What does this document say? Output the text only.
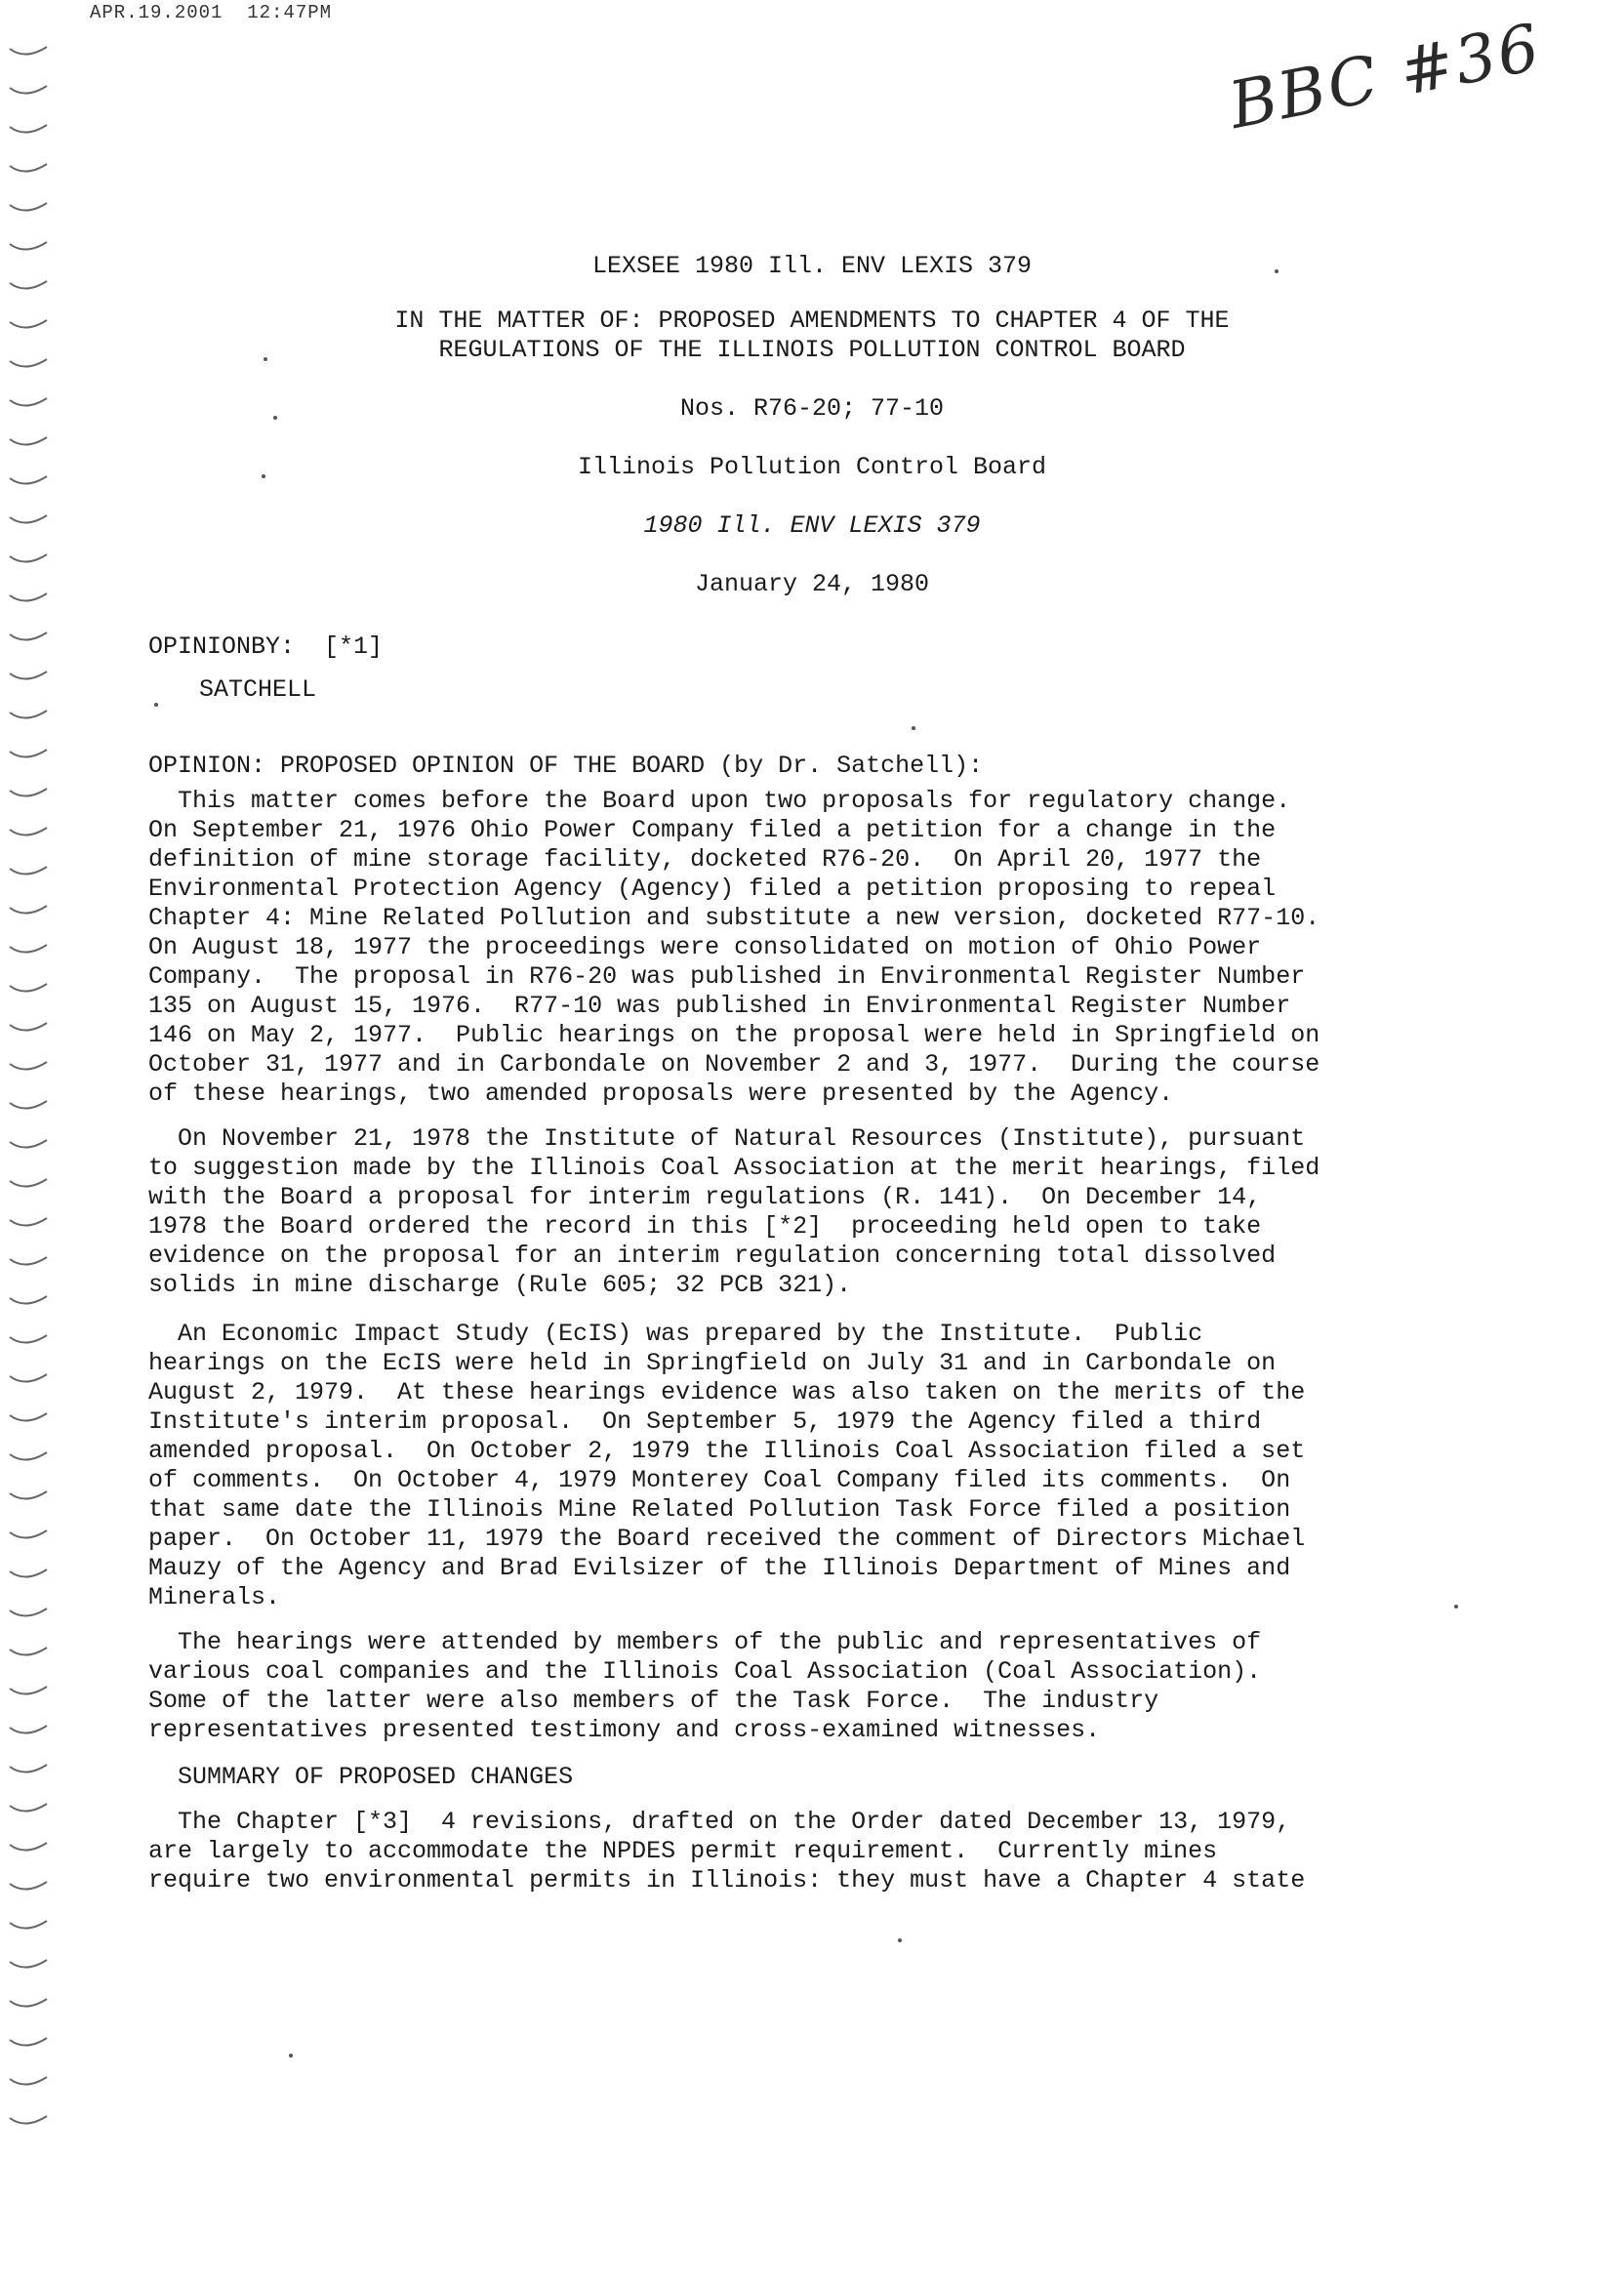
APR.19.2001  12:47PM	BBC #36
LEXSEE 1980 Ill. ENV LEXIS 379
IN THE MATTER OF: PROPOSED AMENDMENTS TO CHAPTER 4 OF THE
REGULATIONS OF THE ILLINOIS POLLUTION CONTROL BOARD
Nos. R76-20; 77-10
Illinois Pollution Control Board
1980 Ill. ENV LEXIS 379
January 24, 1980
OPINIONBY:  [*1]
SATCHELL
OPINION: PROPOSED OPINION OF THE BOARD (by Dr. Satchell):
This matter comes before the Board upon two proposals for regulatory change.
On September 21, 1976 Ohio Power Company filed a petition for a change in the
definition of mine storage facility, docketed R76-20.  On April 20, 1977 the
Environmental Protection Agency (Agency) filed a petition proposing to repeal
Chapter 4: Mine Related Pollution and substitute a new version, docketed R77-10.
On August 18, 1977 the proceedings were consolidated on motion of Ohio Power
Company.  The proposal in R76-20 was published in Environmental Register Number
135 on August 15, 1976.  R77-10 was published in Environmental Register Number
146 on May 2, 1977.  Public hearings on the proposal were held in Springfield on
October 31, 1977 and in Carbondale on November 2 and 3, 1977.  During the course
of these hearings, two amended proposals were presented by the Agency.
On November 21, 1978 the Institute of Natural Resources (Institute), pursuant
to suggestion made by the Illinois Coal Association at the merit hearings, filed
with the Board a proposal for interim regulations (R. 141).  On December 14,
1978 the Board ordered the record in this [*2]  proceeding held open to take
evidence on the proposal for an interim regulation concerning total dissolved
solids in mine discharge (Rule 605; 32 PCB 321).
An Economic Impact Study (EcIS) was prepared by the Institute.  Public
hearings on the EcIS were held in Springfield on July 31 and in Carbondale on
August 2, 1979.  At these hearings evidence was also taken on the merits of the
Institute's interim proposal.  On September 5, 1979 the Agency filed a third
amended proposal.  On October 2, 1979 the Illinois Coal Association filed a set
of comments.  On October 4, 1979 Monterey Coal Company filed its comments.  On
that same date the Illinois Mine Related Pollution Task Force filed a position
paper.  On October 11, 1979 the Board received the comment of Directors Michael
Mauzy of the Agency and Brad Evilsizer of the Illinois Department of Mines and
Minerals.
The hearings were attended by members of the public and representatives of
various coal companies and the Illinois Coal Association (Coal Association).
Some of the latter were also members of the Task Force.  The industry
representatives presented testimony and cross-examined witnesses.
SUMMARY OF PROPOSED CHANGES
The Chapter [*3]  4 revisions, drafted on the Order dated December 13, 1979,
are largely to accommodate the NPDES permit requirement.  Currently mines
require two environmental permits in Illinois: they must have a Chapter 4 state
